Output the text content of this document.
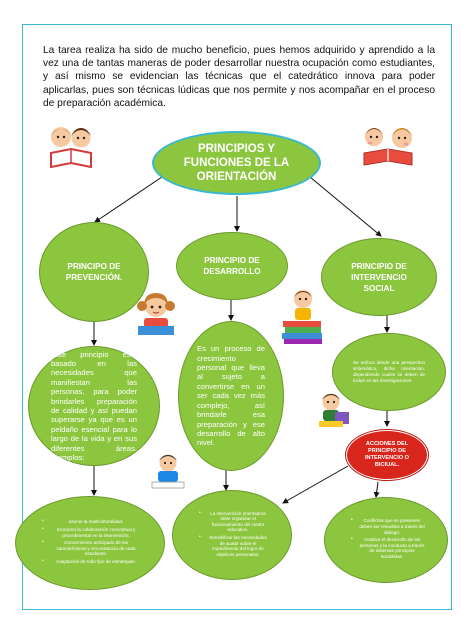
La tarea realiza ha sido de mucho beneficio, pues hemos adquirido y aprendido a la vez una de tantas maneras de poder desarrollar nuestra ocupación como estudiantes, y así mismo se evidencian las técnicas que el catedrático innova para poder aplicarlas, pues son técnicas lúdicas que nos permite y nos acompañar en el proceso de preparación académica.

PRINCIPIOS Y FUNCIONES DE LA ORIENTACIÓN
PRINCIPO DE PREVENCIÓN.
PRINCIPIO DE DESARROLLO
PRINCIPIO DE INTERVENCIO SOCIAL
Este principio está basado en las necesidades que manifiestan las personas, para poder brindarles preparación de calidad y así puedan superarse ya que es un peldaño esencial para lo largo de la vida y en sus diferentes áreas. Ejemplos:
Es un proceso de crecimiento personal que lleva al sujeto a convertirse en un ser cada vez más complejo, así brindarle esa preparación y ese desarrollo de alto nivel.
Se enfoca desde una perspectiva sistemática, dicha orientación, dependiendo cuales se deben de incluir en las investigaciones.
ACCIONES DEL PRINCIPIO DE INTERVENCIO O BICIUAL.
• asume la multiculturalidad.
• Incorpora la colaboración conceptual y procedimental en la intervención.
• Conocimiento anticipado de las características y circunstancia de cada estudiante.
• Adaptación de todo tipo de estrategias.
• La intervención orientadora debe organizar el funcionamiento del centro educativo.
• Sensibilizar las necesidades de acatar sobre el impedimento del logro de objetivos personales.
• Conflictos que se presenten deben ser resueltos a través del diálogo.
• Analizar el desarrollo de las personas y la conducta a través de sistemas principios socialistas.
